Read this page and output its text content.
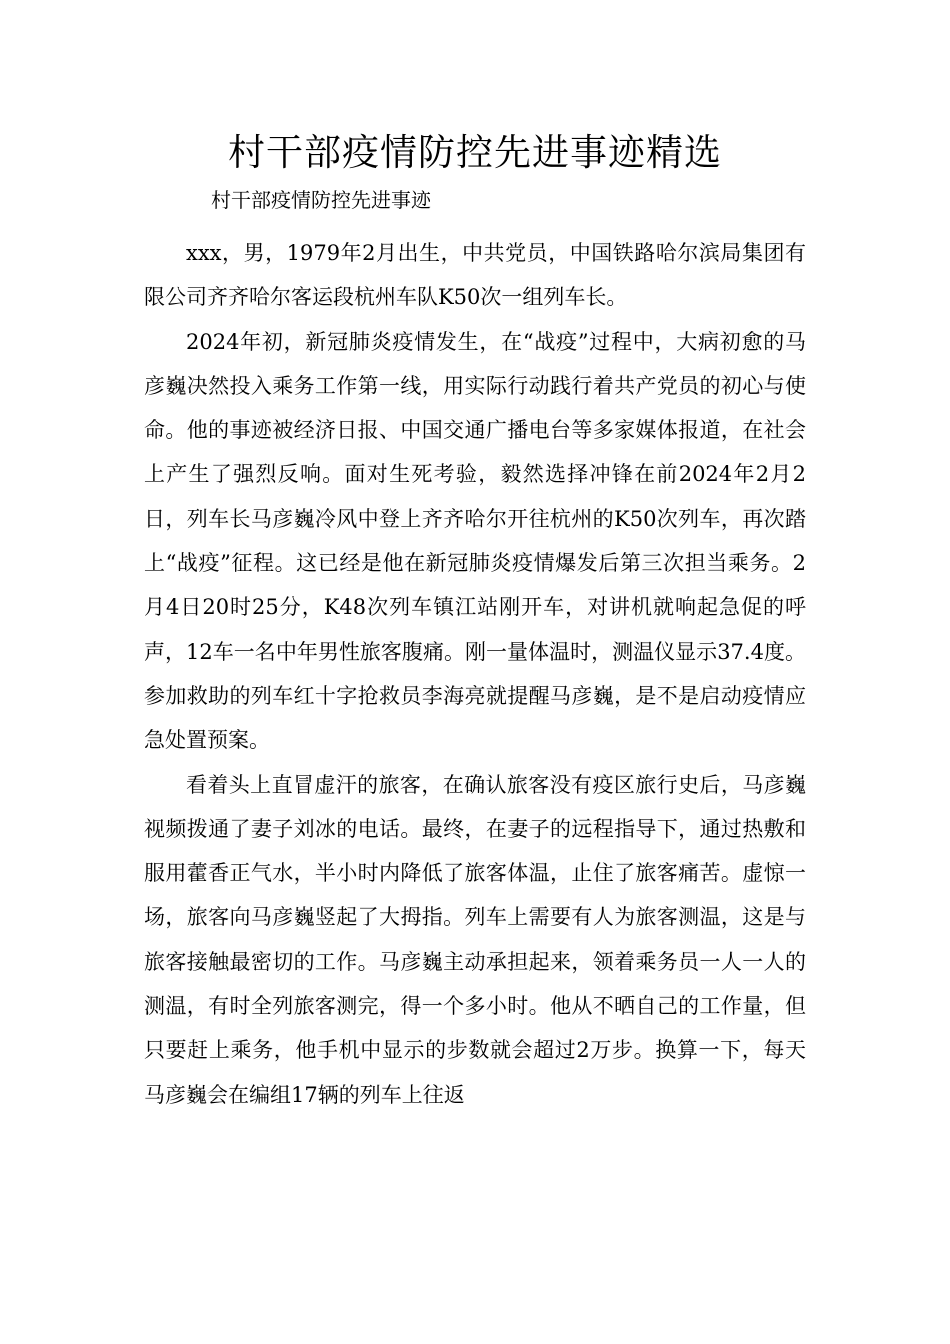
村干部疫情防控先进事迹精选

村干部疫情防控先进事迹

xxx，男，1979年2月出生，中共党员，中国铁路哈尔滨局集团有限公司齐齐哈尔客运段杭州车队K50次一组列车长。

2024年初，新冠肺炎疫情发生，在“战疫”过程中，大病初愈的马彦巍决然投入乘务工作第一线，用实际行动践行着共产党员的初心与使命。他的事迹被经济日报、中国交通广播电台等多家媒体报道，在社会上产生了强烈反响。面对生死考验，毅然选择冲锋在前2024年2月2日，列车长马彦巍冷风中登上齐齐哈尔开往杭州的K50次列车，再次踏上“战疫”征程。这已经是他在新冠肺炎疫情爆发后第三次担当乘务。2月4日20时25分，K48次列车镇江站刚开车，对讲机就响起急促的呼声，12车一名中年男性旅客腹痛。刚一量体温时，测温仪显示37.4度。参加救助的列车红十字抢救员李海亮就提醒马彦巍，是不是启动疫情应急处置预案。

看着头上直冒虚汗的旅客，在确认旅客没有疫区旅行史后，马彦巍视频拨通了妻子刘冰的电话。最终，在妻子的远程指导下，通过热敷和服用藿香正气水，半小时内降低了旅客体温，止住了旅客痛苦。虚惊一场，旅客向马彦巍竖起了大拇指。列车上需要有人为旅客测温，这是与旅客接触最密切的工作。马彦巍主动承担起来，领着乘务员一人一人的测温，有时全列旅客测完，得一个多小时。他从不晒自己的工作量，但只要赶上乘务，他手机中显示的步数就会超过2万步。换算一下，每天马彦巍会在编组17辆的列车上往返
